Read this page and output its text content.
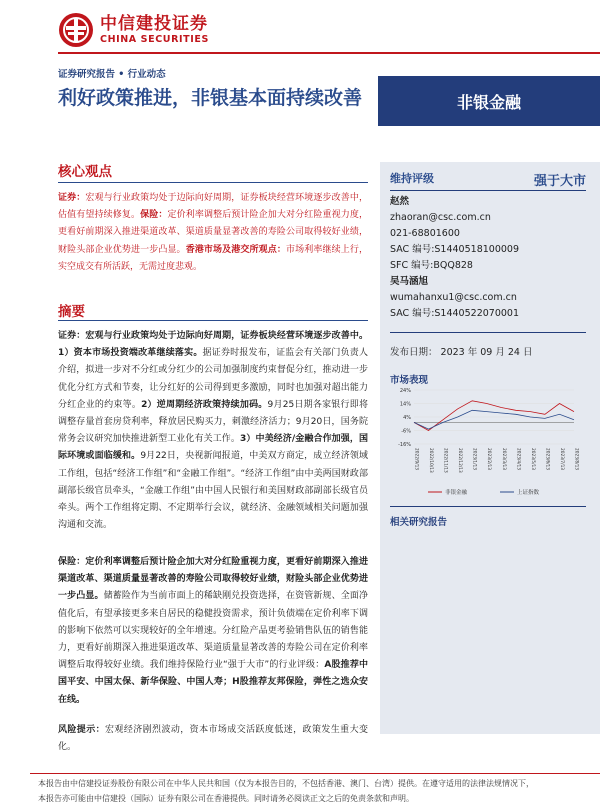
中信建投证券
CHINA SECURITIES
证券研究报告 • 行业动态
利好政策推进，非银基本面持续改善	非银金融
核心观点
证券：宏观与行业政策均处于边际向好周期，证券板块经营环境逐步改善中，估值有望持续修复。保险：定价利率调整后预计险企加大对分红险重视力度，更看好前期深入推进渠道改革、渠道质量显著改善的寿险公司取得较好业绩，财险头部企业优势进一步凸显。香港市场及港交所观点：市场利率继续上行，实空成交有所活跃，无需过度悲观。
摘要
证券：宏观与行业政策均处于边际向好周期，证券板块经营环境逐步改善中。1）资本市场投资端改革继续落实。据证券时报发布，证监会有关部门负责人介绍，拟进一步对不分红或分红少的公司加强制度约束督促分红，推动进一步优化分红方式和节奏，让分红好的公司得到更多激励，同时也加强对超出能力分红企业的约束等。2）逆周期经济政策持续加码。9月25日期各家银行即将调整存量首套房贷利率，释放居民购买力，刺激经济活力；9月20日，国务院常务会议研究加快推进新型工业化有关工作。3）中美经济/金融合作加强，国际环境或面临缓和。9月22日，央视新闻报道，中美双方商定，成立经济领域工作组，包括“经济工作组”和“金融工作组”。“经济工作组”由中美两国财政部副部长级官员牵头，“金融工作组”由中国人民银行和美国财政部副部长级官员牵头。两个工作组将定期、不定期举行会议，就经济、金融领域相关问题加强沟通和交流。
保险：定价利率调整后预计险企加大对分红险重视力度，更看好前期深入推进渠道改革、渠道质量显著改善的寿险公司取得较好业绩，财险头部企业优势进一步凸显。储蓄险作为当前市面上的稀缺刚兑投资选择，在资管新规、全面净值化后，有望承接更多来自居民的稳健投资需求，预计负债端在定价利率下调的影响下依然可以实现较好的全年增速。分红险产品更考验销售队伍的销售能力，更看好前期深入推进渠道改革、渠道质量显著改善的寿险公司在定价利率调整后取得较好业绩。我们维持保险行业“强于大市”的行业评级：A股推荐中国平安、中国太保、新华保险、中国人寿；H股推荐友邦保险，弹性之选众安在线。
风险提示：宏观经济剧烈波动，资本市场成交活跃度低迷，政策发生重大变化。
维持评级	强于大市
赵然
zhaoran@csc.com.cn
021-68801600
SAC 编号:S1440518100009
SFC 编号:BQQ828
吴马涵旭
wumahanxu1@csc.com.cn
SAC 编号:S1440522070001
发布日期： 2023 年 09 月 24 日
市场表现
24%
14%
4%
-6%
-16%
2022/9/13 2022/10/13 2022/11/13 2022/12/13 2023/1/13 2023/2/13 2023/3/13 2023/4/13 2023/5/13 2023/6/13 2023/7/13 2023/8/13
非银金融	上证指数
相关研究报告
本报告由中信建投证券股份有限公司在中华人民共和国（仅为本报告目的，不包括香港、澳门、台湾）提供。在遵守适用的法律法规情况下，
本报告亦可能由中信建投（国际）证券有限公司在香港提供。同时请务必阅读正文之后的免责条款和声明。
